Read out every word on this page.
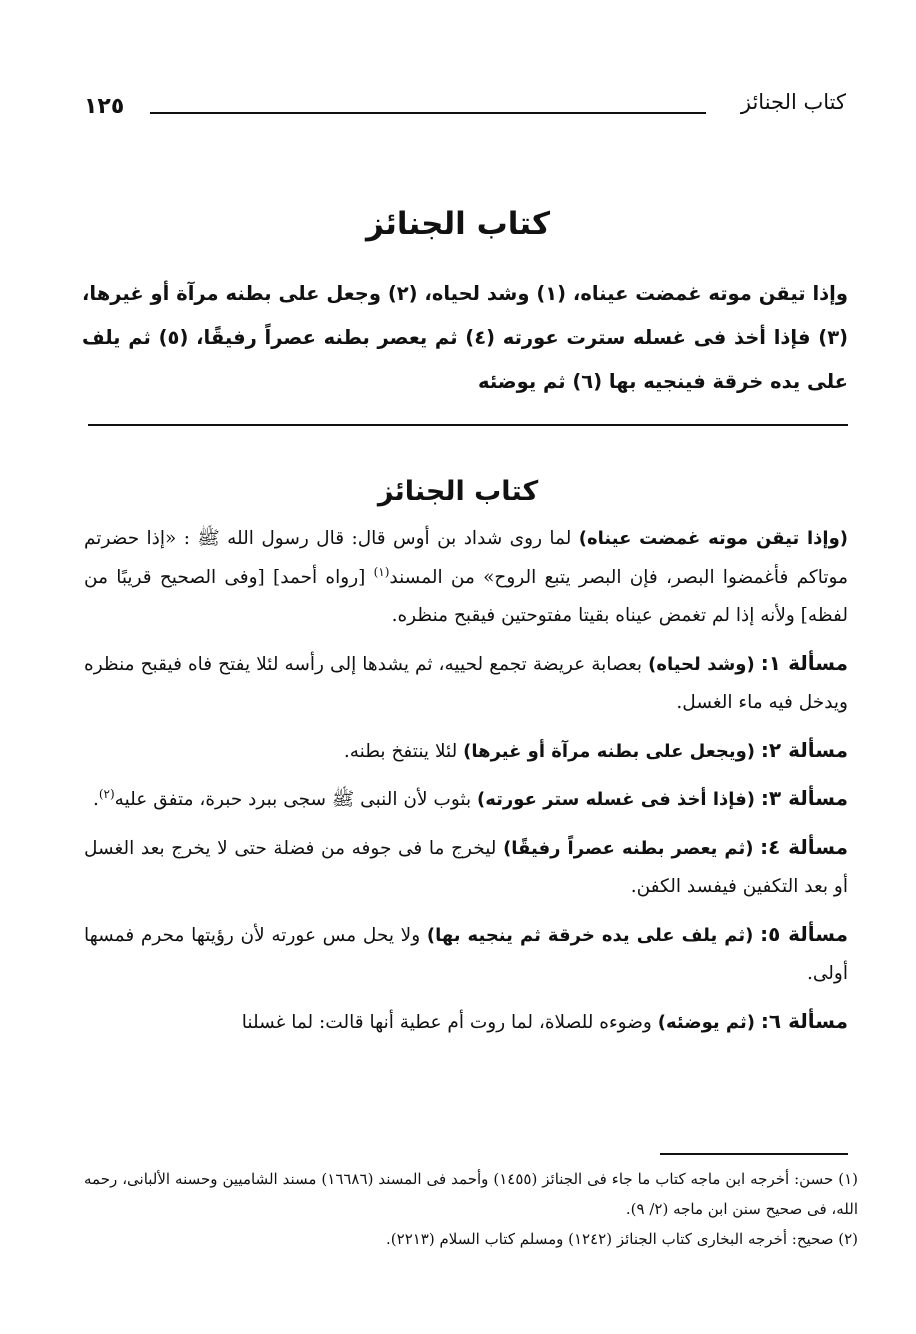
١٢٥	كتاب الجنائز
كتاب الجنائز
وإذا تيقن موته غمضت عيناه، (١) وشد لحياه، (٢) وجعل على بطنه مرآة أو غيرها، (٣) فإذا أخذ فى غسله سترت عورته (٤) ثم يعصر بطنه عصراً رفيقًا، (٥) ثم يلف على يده خرقة فينجيه بها (٦) ثم يوضئه
كتاب الجنائز

(وإذا تيقن موته غمضت عيناه) لما روى شداد بن أوس قال: قال رسول الله ﷺ : «إذا حضرتم موتاكم فأغمضوا البصر، فإن البصر يتبع الروح» من المسند$^{(١)}$ [رواه أحمد] [وفى الصحيح قريبًا من لفظه] ولأنه إذا لم تغمض عيناه بقيتا مفتوحتين فيقبح منظره.

مسألة ١: (وشد لحياه) بعصابة عريضة تجمع لحييه، ثم يشدها إلى رأسه لئلا يفتح فاه فيقبح منظره ويدخل فيه ماء الغسل.

مسألة ٢: (ويجعل على بطنه مرآة أو غيرها) لئلا ينتفخ بطنه.

مسألة ٣: (فإذا أخذ فى غسله ستر عورته) بثوب لأن النبى ﷺ سجى ببرد حبرة، متفق عليه$^{(٢)}$.

مسألة ٤: (ثم يعصر بطنه عصراً رفيقًا) ليخرج ما فى جوفه من فضلة حتى لا يخرج بعد الغسل أو بعد التكفين فيفسد الكفن.

مسألة ٥: (ثم يلف على يده خرقة ثم ينجيه بها) ولا يحل مس عورته لأن رؤيتها محرم فمسها أولى.

مسألة ٦: (ثم يوضئه) وضوءه للصلاة، لما روت أم عطية أنها قالت: لما غسلنا

(١) حسن: أخرجه ابن ماجه كتاب ما جاء فى الجنائز (١٤٥٥) وأحمد فى المسند (١٦٦٨٦) مسند الشاميين وحسنه الألبانى، رحمه الله، فى صحيح سنن ابن ماجه (٢/ ٩).

(٢) صحيح: أخرجه البخارى كتاب الجنائز (١٢٤٢) ومسلم كتاب السلام (٢٢١٣).
